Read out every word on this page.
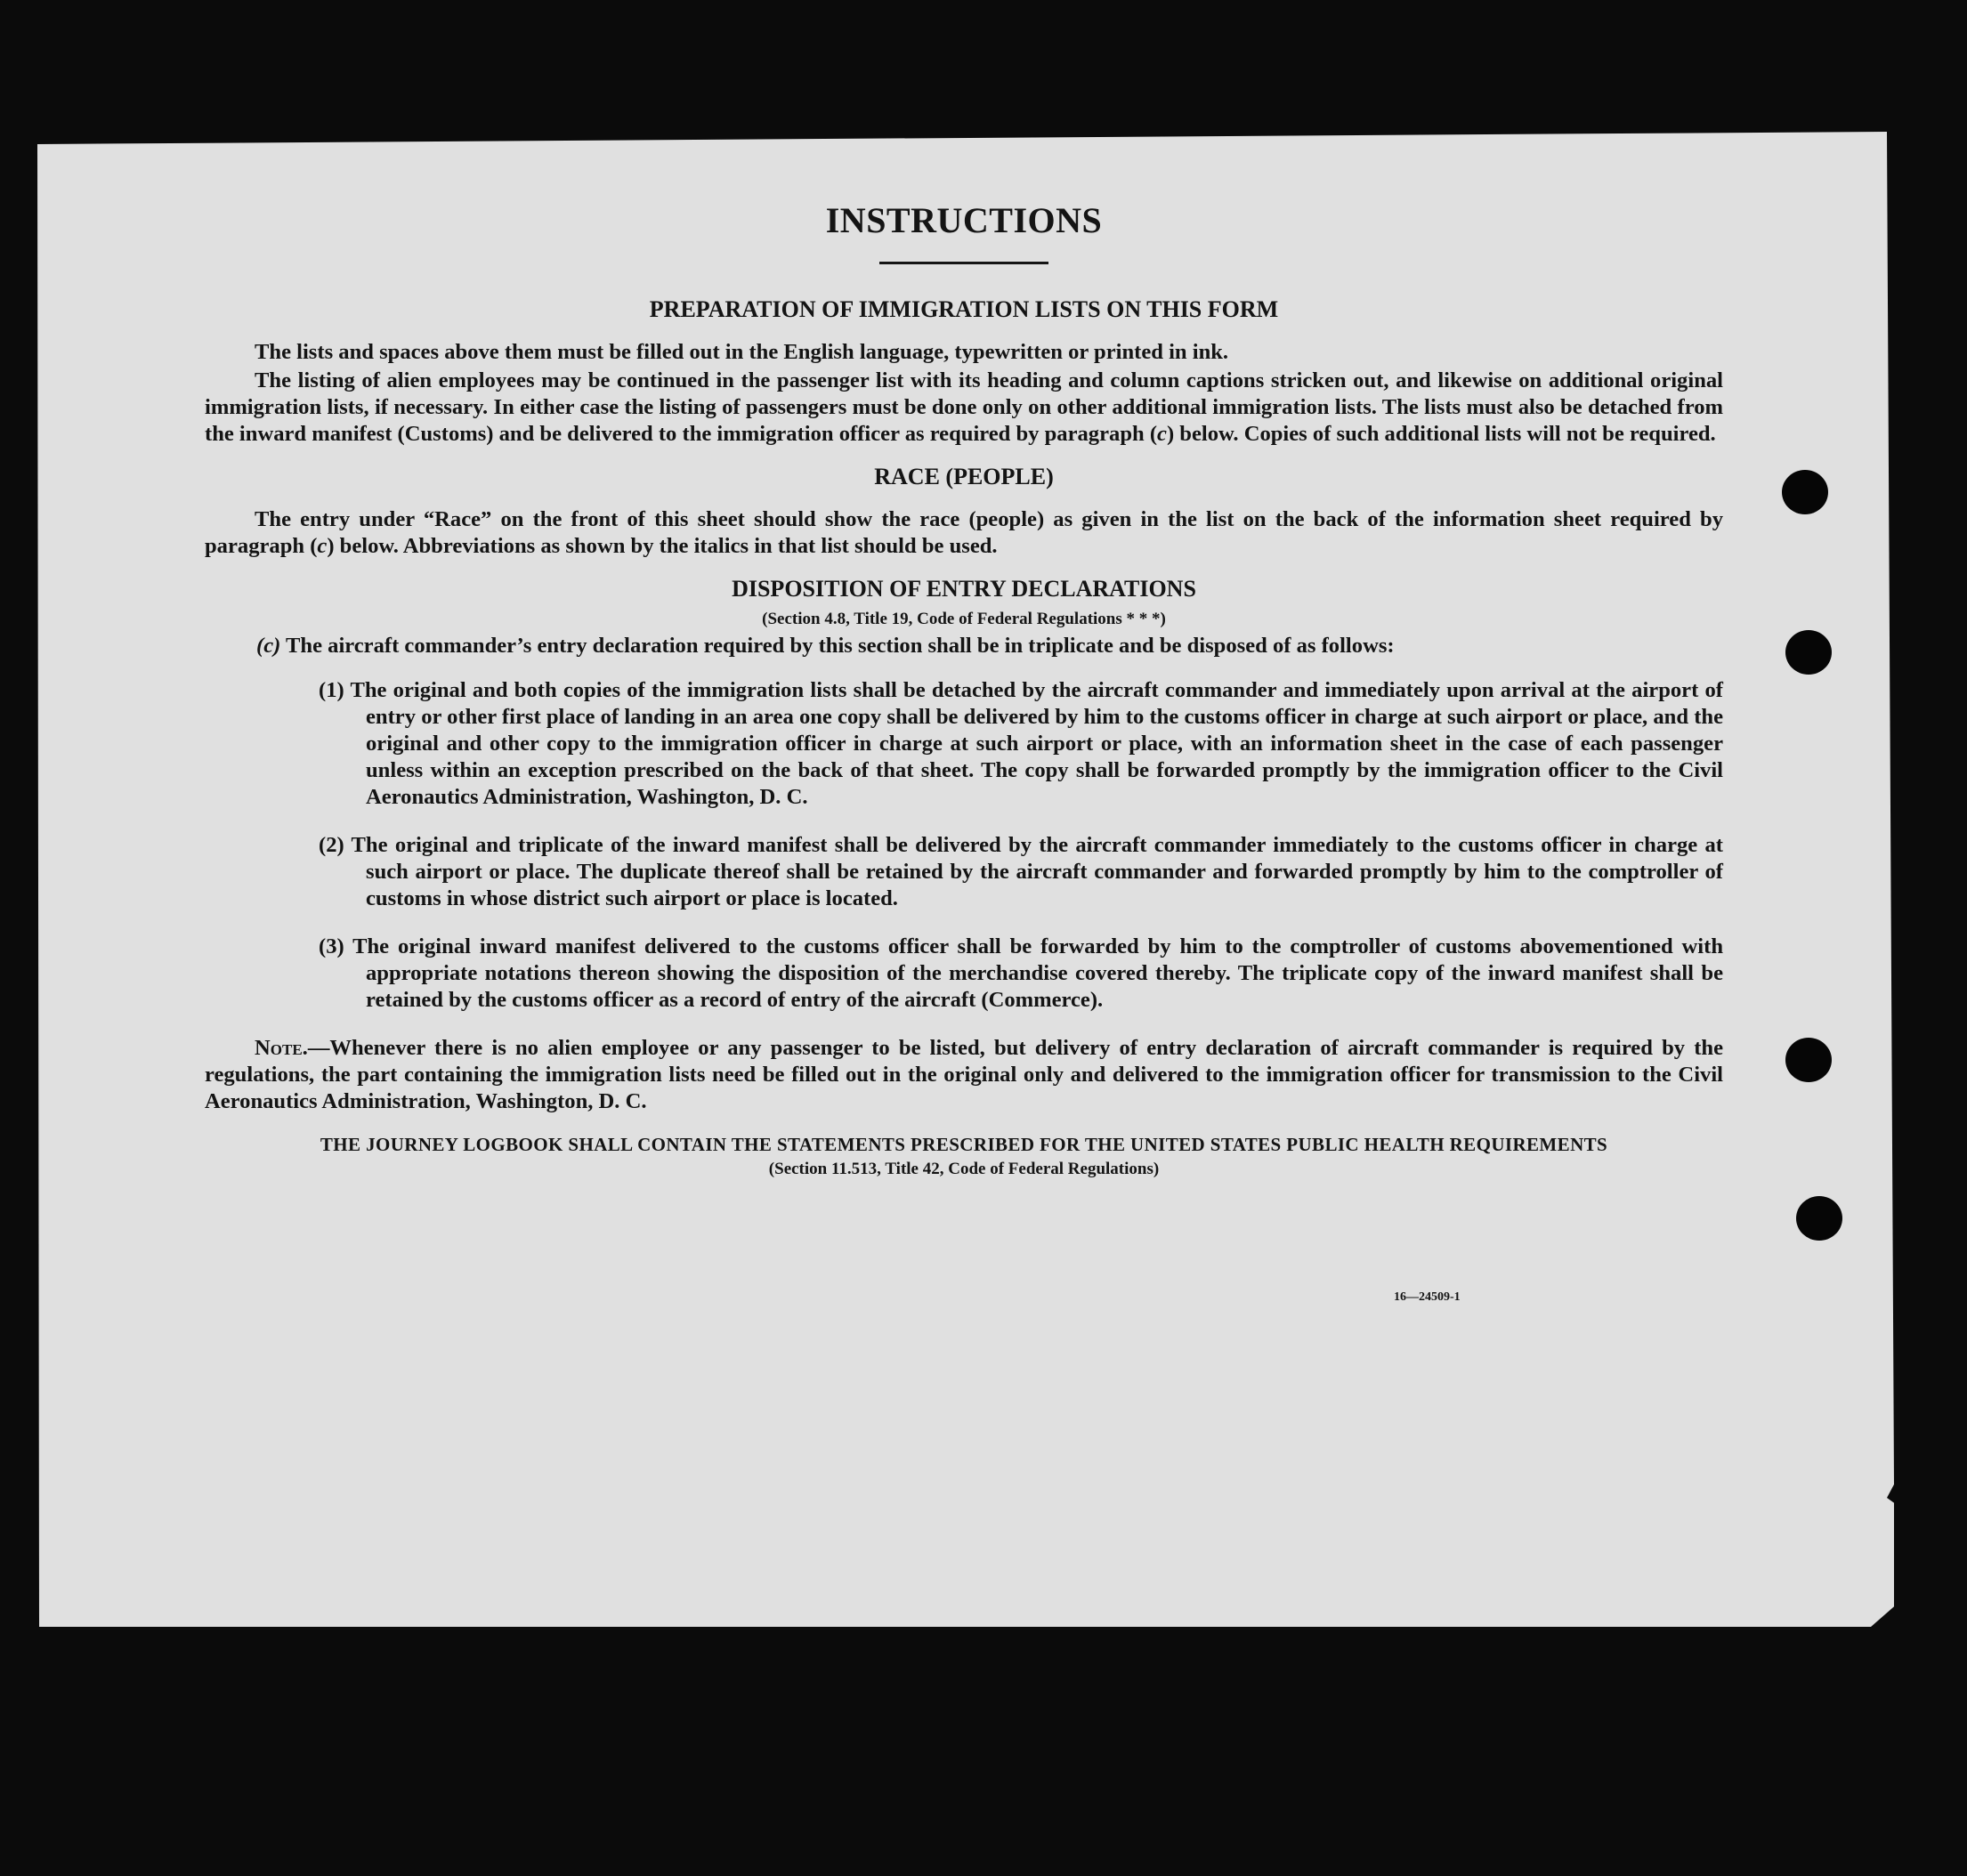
INSTRUCTIONS
PREPARATION OF IMMIGRATION LISTS ON THIS FORM

The lists and spaces above them must be filled out in the English language, typewritten or printed in ink.

The listing of alien employees may be continued in the passenger list with its heading and column captions stricken out, and likewise on additional original immigration lists, if necessary. In either case the listing of passengers must be done only on other additional immigration lists. The lists must also be detached from the inward manifest (Customs) and be delivered to the immigration officer as required by paragraph (c) below. Copies of such additional lists will not be required.

RACE (PEOPLE)

The entry under “Race” on the front of this sheet should show the race (people) as given in the list on the back of the information sheet required by paragraph (c) below. Abbreviations as shown by the italics in that list should be used.

DISPOSITION OF ENTRY DECLARATIONS
(Section 4.8, Title 19, Code of Federal Regulations * * *)

(c) The aircraft commander’s entry declaration required by this section shall be in triplicate and be disposed of as follows:

(1) The original and both copies of the immigration lists shall be detached by the aircraft commander and immediately upon arrival at the airport of entry or other first place of landing in an area one copy shall be delivered by him to the customs officer in charge at such airport or place, and the original and other copy to the immigration officer in charge at such airport or place, with an information sheet in the case of each passenger unless within an exception prescribed on the back of that sheet. The copy shall be forwarded promptly by the immigration officer to the Civil Aeronautics Administration, Washington, D. C.

(2) The original and triplicate of the inward manifest shall be delivered by the aircraft commander immediately to the customs officer in charge at such airport or place. The duplicate thereof shall be retained by the aircraft commander and forwarded promptly by him to the comptroller of customs in whose district such airport or place is located.

(3) The original inward manifest delivered to the customs officer shall be forwarded by him to the comptroller of customs abovementioned with appropriate notations thereon showing the disposition of the merchandise covered thereby. The triplicate copy of the inward manifest shall be retained by the customs officer as a record of entry of the aircraft (Commerce).

Note.—Whenever there is no alien employee or any passenger to be listed, but delivery of entry declaration of aircraft commander is required by the regulations, the part containing the immigration lists need be filled out in the original only and delivered to the immigration officer for transmission to the Civil Aeronautics Administration, Washington, D. C.

THE JOURNEY LOGBOOK SHALL CONTAIN THE STATEMENTS PRESCRIBED FOR THE UNITED STATES PUBLIC HEALTH REQUIREMENTS
(Section 11.513, Title 42, Code of Federal Regulations)
16—24509-1
